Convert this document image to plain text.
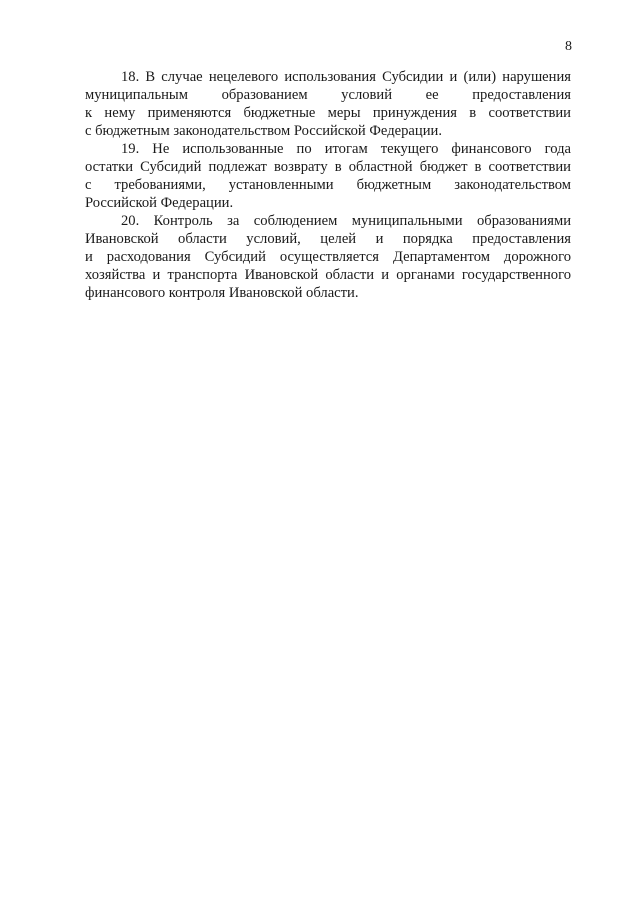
8

18. В случае нецелевого использования Субсидии и (или) нарушения
муниципальным образованием условий ее предоставления
к нему применяются бюджетные меры принуждения в соответствии
с бюджетным законодательством Российской Федерации.

19. Не использованные по итогам текущего финансового года
остатки Субсидий подлежат возврату в областной бюджет в соответствии
с требованиями, установленными бюджетным законодательством
Российской Федерации.

20. Контроль за соблюдением муниципальными образованиями
Ивановской области условий, целей и порядка предоставления
и расходования Субсидий осуществляется Департаментом дорожного
хозяйства и транспорта Ивановской области и органами государственного
финансового контроля Ивановской области.
